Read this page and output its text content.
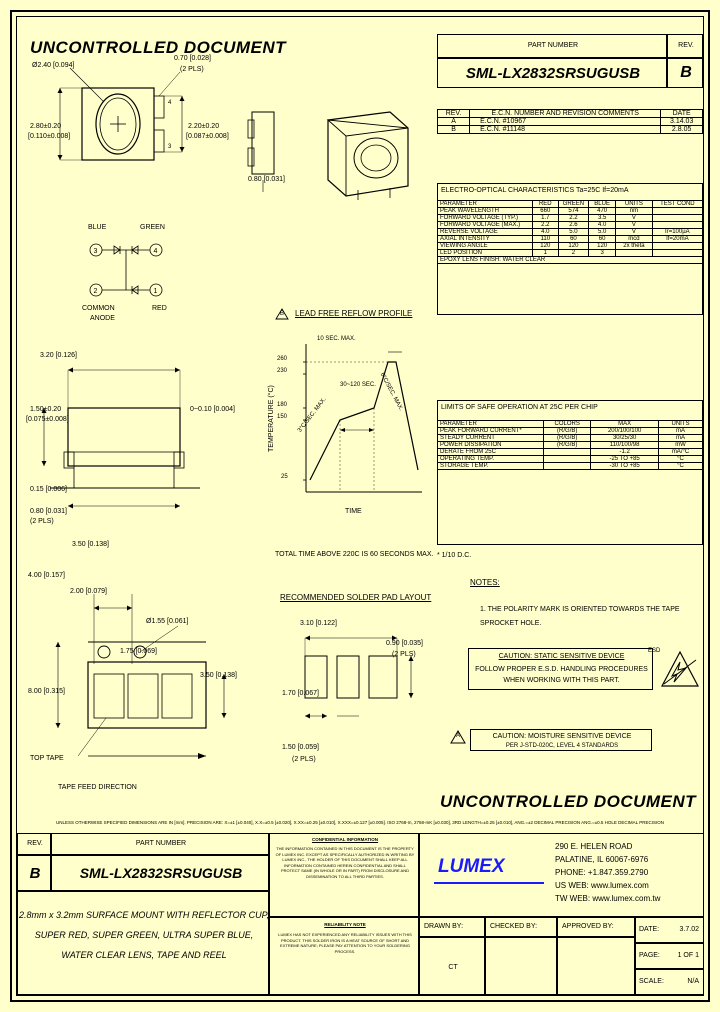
UNCONTROLLED DOCUMENT	PART NUMBER	REV.
SML-LX2832SRSUGUSB	B
REV.	E.C.N. NUMBER AND REVISION COMMENTS	DATE
A	E.C.N. #10967	3.14.03
B	E.C.N. #11148	2.8.05
ELECTRO-OPTICAL CHARACTERISTICS Ta=25C If=20mA
PARAMETER	RED	GREEN	BLUE	UNITS	TEST COND
PEAK WAVELENGTH	660	574	470	nm	
FORWARD VOLTAGE (TYP.)	1.7	2.2	3.5	V	
FORWARD VOLTAGE (MAX.)	2.2	2.6	4.0	V	
REVERSE VOLTAGE	4.0	5.0	5.0	V	Ir=100µA
AXIAL INTENSITY	110	60	60	mcd	If=20mA
VIEWING ANGLE	120	120	120	2x theta	
LED POSITION	1	2	3		
EPOXY LENS FINISH: WATER CLEAR					
LIMITS OF SAFE OPERATION AT 25C PER CHIP
PARAMETER	COLORS	MAX	UNITS
PEAK FORWARD CURRENT*	(R/G/B)	200/100/100	mA
STEADY CURRENT	(R/G/B)	30/25/30	mA
POWER DISSIPATION	(R/G/B)	110/100/98	mW
DERATE FROM 25C		-1.2	mA/°C
OPERATING TEMP.		-25 TO +85	°C
STORAGE TEMP.		-30 TO +85	°C
* 1/10 D.C.
NOTES:
1. THE POLARITY MARK IS ORIENTED TOWARDS THE TAPE SPROCKET HOLE.
CAUTION: STATIC SENSITIVE DEVICE
FOLLOW PROPER E.S.D. HANDLING PROCEDURES
WHEN WORKING WITH THIS PART.
ESD
A	CAUTION: MOISTURE SENSITIVE DEVICE
PER J-STD-020C, LEVEL 4 STANDARDS

4
3
Ø2.40 [0.094]
0.70 [0.028]
(2 PLS)
2.80±0.20
[0.110±0.008]
2.20±0.20
[0.087±0.008]
3	4
2	1
BLUE	GREEN
COMMON
ANODE
RED
3.20 [0.126]
1.50±0.20
[0.075±0.008]
0~0.10 [0.004]
0.15 [0.006]
0.80 [0.031]
(2 PLS)
3.50 [0.138]
4.00 [0.157]
2.00 [0.079]
Ø1.55 [0.061]
1.75 [0.069]
3.50 [0.138]
8.00 [0.315]
TOP TAPE
TAPE FEED DIRECTION
0.80 [0.031]
B	LEAD FREE REFLOW PROFILE
260
230
180
150
25
10 SEC. MAX.
30~120 SEC.
3°C/SEC. MAX.
6°C/SEC. MAX.
TEMPERATURE (°C)
TIME
TOTAL TIME ABOVE 220C IS 60 SECONDS MAX.
RECOMMENDED SOLDER PAD LAYOUT
3.10 [0.122]
0.90 [0.035]
(2 PLS)
1.70 [0.067]
1.50 [0.059]
(2 PLS)
UNCONTROLLED DOCUMENT
UNLESS OTHERWISE SPECIFIED DIMENSIONS ARE IN [mm]. PRECISION ARE: X=±1 [±0.040], X.X=±0.5 [±0.020], X.XX=±0.25 [±0.010], X.XXX=±0.127 [±0.005]. ISO 2768-m, 2768-mK [±0.030], 3RD LENGTH=±0.25 [±0.010], ANG.=±2 DECIMAL PRECISION ANG.=±0.5 HOLE DECIMAL PRECISION
REV.	PART NUMBER
B	SML-LX2832SRSUGUSB
2.8mm x 3.2mm SURFACE MOUNT WITH REFLECTOR CUP,
SUPER RED, SUPER GREEN, ULTRA SUPER BLUE,
WATER CLEAR LENS, TAPE AND REEL
CONFIDENTIAL INFORMATION
THE INFORMATION CONTAINED IN THIS DOCUMENT IS THE PROPERTY OF LUMEX INC. EXCEPT AS SPECIFICALLY AUTHORIZED IN WRITING BY LUMEX INC., THE HOLDER OF THIS DOCUMENT SHALL KEEP ALL INFORMATION CONTAINED HEREIN CONFIDENTIAL AND SHALL PROTECT SAME (IN WHOLE OR IN PART) FROM DISCLOSURE AND DISSEMINATION TO ALL THIRD PARTIES.
RELIABILITY NOTE
LUMEX HAS NOT EXPERIENCED ANY RELIABILITY ISSUES WITH THIS PRODUCT. THIS SOLDER IRON IS A HEAT SOURCE OF SHORT AND EXTREME NATURE; PLEASE PAY ATTENTION TO YOUR SOLDERING PROCESS.
LUMEX
290 E. HELEN ROAD
PALATINE, IL 60067-6976
PHONE: +1.847.359.2790
US WEB: www.lumex.com
TW WEB: www.lumex.com.tw
DRAWN BY:	CHECKED BY:	APPROVED BY:
CT
DATE:	3.7.02
PAGE:	1 OF 1
SCALE:	N/A
